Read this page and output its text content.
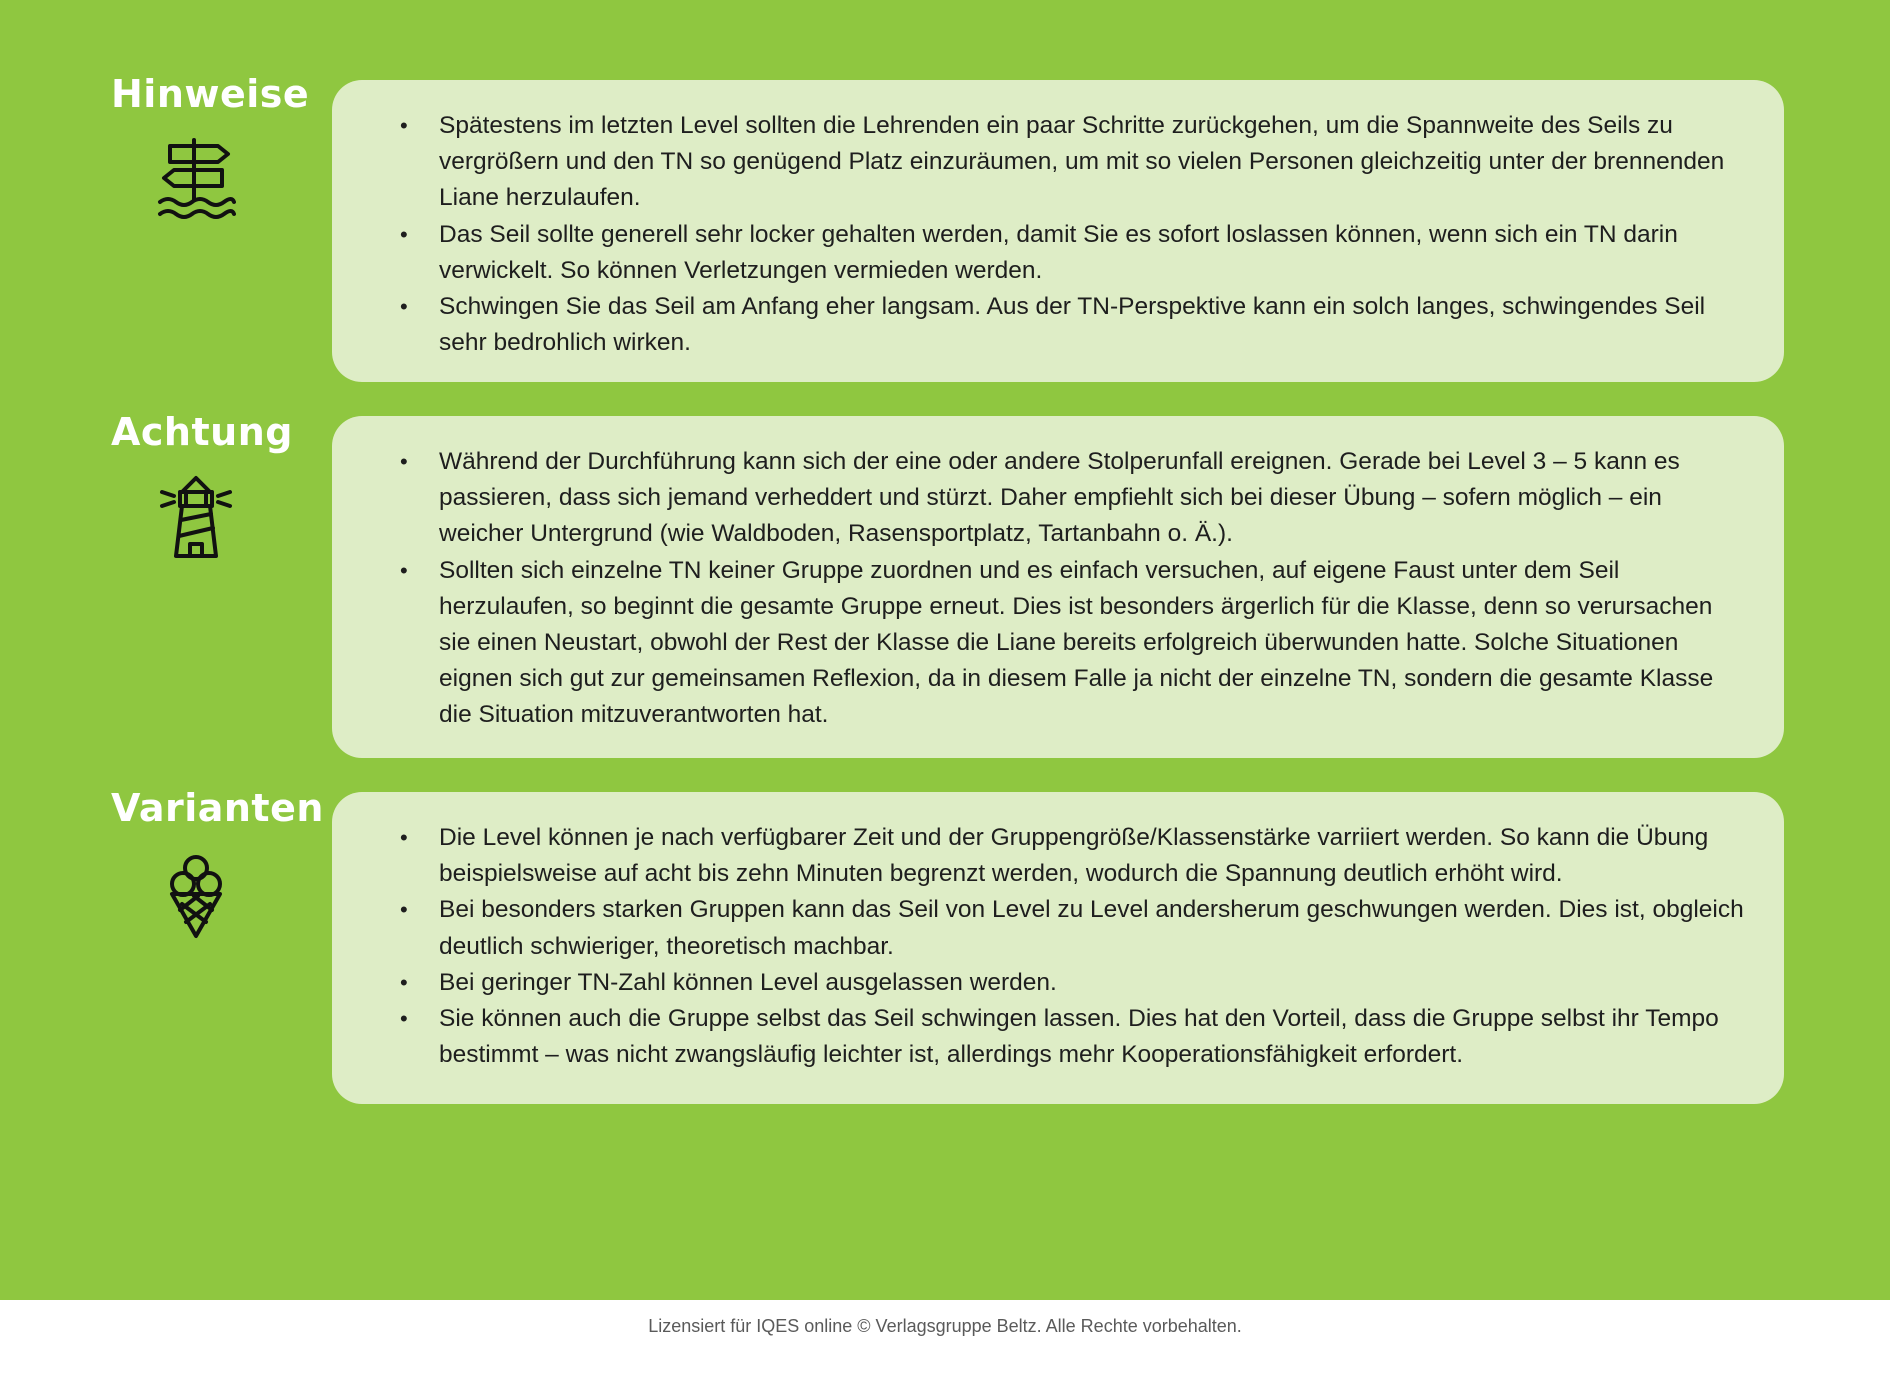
Hinweise
• Spätestens im letzten Level sollten die Lehrenden ein paar Schritte zurückgehen, um die Spannweite des Seils zu vergrößern und den TN so genügend Platz einzuräumen, um mit so vielen Personen gleichzeitig unter der brennenden Liane herzulaufen.
• Das Seil sollte generell sehr locker gehalten werden, damit Sie es sofort loslassen können, wenn sich ein TN darin verwickelt. So können Verletzungen vermieden werden.
• Schwingen Sie das Seil am Anfang eher langsam. Aus der TN-Perspektive kann ein solch langes, schwingendes Seil sehr bedrohlich wirken.
Achtung
• Während der Durchführung kann sich der eine oder andere Stolperunfall ereignen. Gerade bei Level 3 – 5 kann es passieren, dass sich jemand verheddert und stürzt. Daher empfiehlt sich bei dieser Übung – sofern möglich – ein weicher Untergrund (wie Waldboden, Rasensportplatz, Tartanbahn o. Ä.).
• Sollten sich einzelne TN keiner Gruppe zuordnen und es einfach versuchen, auf eigene Faust unter dem Seil herzulaufen, so beginnt die gesamte Gruppe erneut. Dies ist besonders ärgerlich für die Klasse, denn so verursachen sie einen Neustart, obwohl der Rest der Klasse die Liane bereits erfolgreich überwunden hatte. Solche Situationen eignen sich gut zur gemeinsamen Reflexion, da in diesem Falle ja nicht der einzelne TN, sondern die gesamte Klasse die Situation mitzuverantworten hat.
Varianten
• Die Level können je nach verfügbarer Zeit und der Gruppengröße/Klassenstärke varriiert werden. So kann die Übung beispielsweise auf acht bis zehn Minuten begrenzt werden, wodurch die Spannung deutlich erhöht wird.
• Bei besonders starken Gruppen kann das Seil von Level zu Level andersherum geschwungen werden. Dies ist, obgleich deutlich schwieriger, theoretisch machbar.
• Bei geringer TN-Zahl können Level ausgelassen werden.
• Sie können auch die Gruppe selbst das Seil schwingen lassen. Dies hat den Vorteil, dass die Gruppe selbst ihr Tempo bestimmt – was nicht zwangsläufig leichter ist, allerdings mehr Kooperationsfähigkeit erfordert.
Lizensiert für IQES online © Verlagsgruppe Beltz. Alle Rechte vorbehalten.
